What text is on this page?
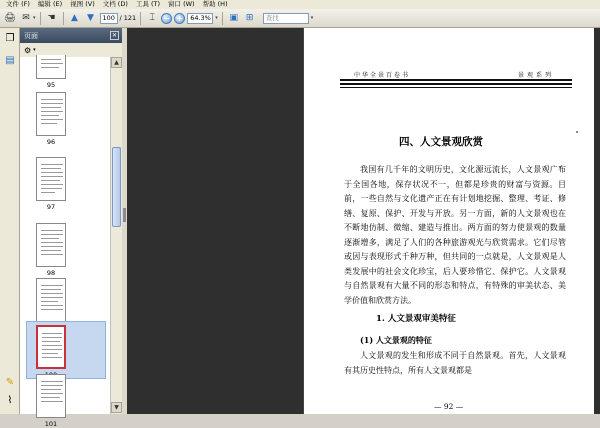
文件 (F)	编辑 (E)	视图 (V)	文档 (D)	工具 (T)	窗口 (W)	帮助 (H)
🖨 ✉ ▾	☚	▲	▼	100 / 121	⌶	− +	64.3% ▾	▣ ⊞	查找	▾
❐
▤
✎
⌇
页面	✕
⚙ ▾
95
96
97
98
101
▲
▼
中华全景百卷书	景观系列
四、人文景观欣赏
我国有几千年的文明历史，文化源远流长，人文景观广布于全国各地，保存状况不一，但都是珍贵的财富与资源。目前，一些自然与文化遗产正在有计划地挖掘、整理、考证、修缮、复原、保护、开发与开放。另一方面，新的人文景观也在不断地仿制、微缩、建造与推出。两方面的努力使景观的数量逐渐增多，满足了人们的各种旅游观光与欣赏需求。它们尽管或因与表现形式千种万种，但共同的一点就是，人文景观是人类发展中的社会文化珍宝，后人要珍惜它、保护它。人文景观与自然景观有大量不同的形态和特点，有特殊的审美状态、美学价值和欣赏方法。
1. 人文景观审美特征
(1) 人文景观的特征
人文景观的发生和形成不同于自然景观。首先，人文景观有其历史性特点，所有人文景观都是
— 92 —
